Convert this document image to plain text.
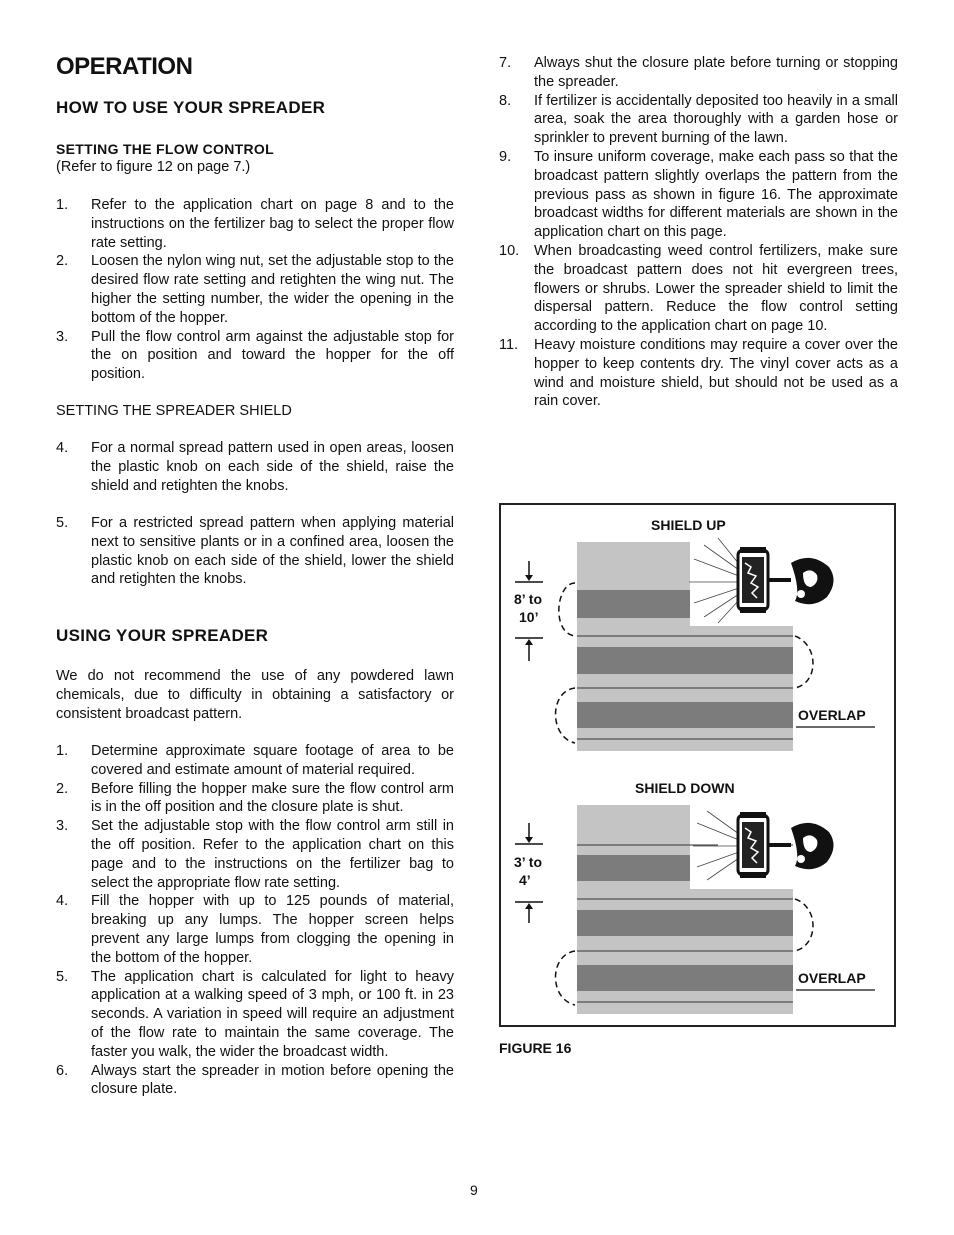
OPERATION
HOW TO USE YOUR SPREADER
SETTING THE FLOW CONTROL
(Refer to figure 12 on page 7.)
1. Refer to the application chart on page 8 and to the instructions on the fertilizer bag to select the proper flow rate setting.
2. Loosen the nylon wing nut, set the adjustable stop to the desired flow rate setting and retighten the wing nut. The higher the setting number, the wider the opening in the bottom of the hopper.
3. Pull the flow control arm against the adjustable stop for the on position and toward the hopper for the off position.
SETTING THE SPREADER SHIELD
4. For a normal spread pattern used in open areas, loosen the plastic knob on each side of the shield, raise the shield and retighten the knobs.
5. For a restricted spread pattern when applying material next to sensitive plants or in a confined area, loosen the plastic knob on each side of the shield, lower the shield and retighten the knobs.
USING YOUR SPREADER

We do not recommend the use of any powdered lawn chemicals, due to difficulty in obtaining a satisfactory or consistent broadcast pattern.

1. Determine approximate square footage of area to be covered and estimate amount of material required.
2. Before filling the hopper make sure the flow control arm is in the off position and the closure plate is shut.
3. Set the adjustable stop with the flow control arm still in the off position. Refer to the application chart on this page and to the instructions on the fertilizer bag to select the appropriate flow rate setting.
4. Fill the hopper with up to 125 pounds of material, breaking up any lumps. The hopper screen helps prevent any large lumps from clogging the opening in the bottom of the hopper.
5. The application chart is calculated for light to heavy application at a walking speed of 3 mph, or 100 ft. in 23 seconds. A variation in speed will require an adjustment of the flow rate to maintain the same coverage. The faster you walk, the wider the broadcast width.
6. Always start the spreader in motion before opening the closure plate.
7. Always shut the closure plate before turning or stopping the spreader.
8. If fertilizer is accidentally deposited too heavily in a small area, soak the area thoroughly with a garden hose or sprinkler to prevent burning of the lawn.
9. To insure uniform coverage, make each pass so that the broadcast pattern slightly overlaps the pattern from the previous pass as shown in figure 16. The approximate broadcast widths for different materials are shown in the application chart on this page.
10. When broadcasting weed control fertilizers, make sure the broadcast pattern does not hit evergreen trees, flowers or shrubs. Lower the spreader shield to limit the dispersal pattern. Reduce the flow control setting according to the application chart on page 10.
11. Heavy moisture conditions may require a cover over the hopper to keep contents dry. The vinyl cover acts as a wind and moisture shield, but should not be used as a rain cover.
SHIELD UP
8’ to
10’
OVERLAP
SHIELD DOWN
3’ to
4’
OVERLAP
FIGURE 16
9
